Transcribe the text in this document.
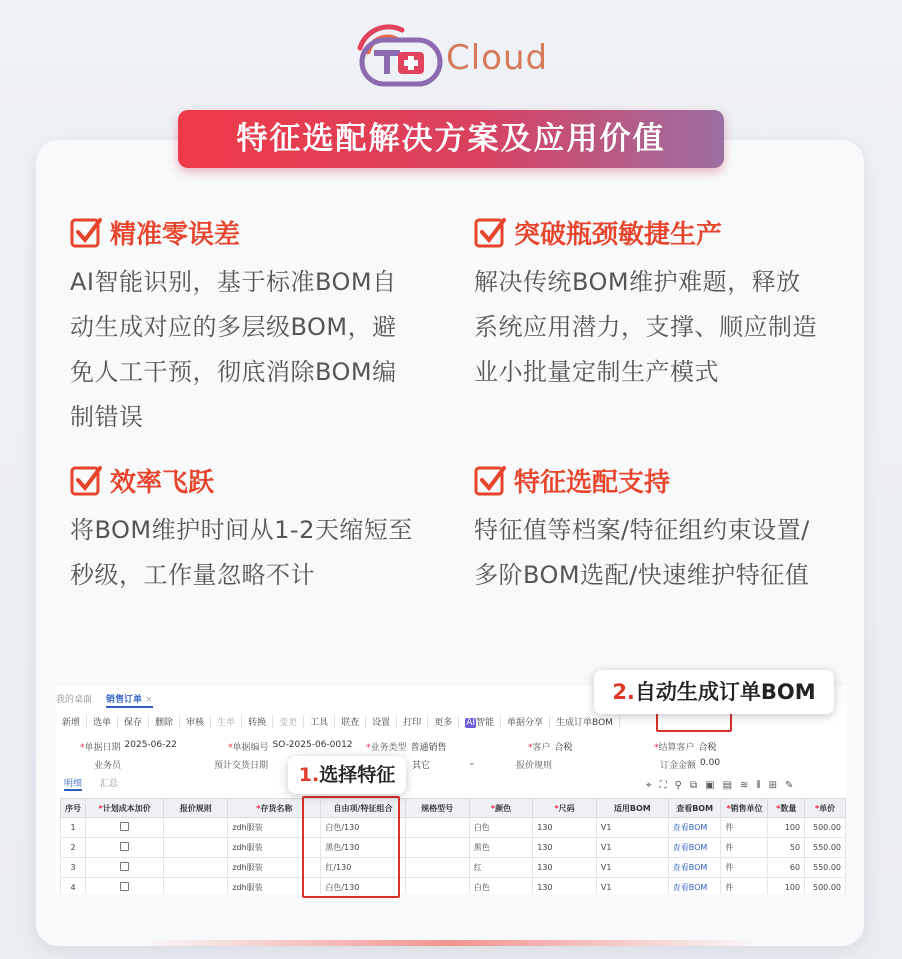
Cloud
特征选配解决方案及应用价值
精准零误差
AI智能识别，基于标准BOM自动生成对应的多层级BOM，避免人工干预，彻底消除BOM编制错误
突破瓶颈敏捷生产
解决传统BOM维护难题，释放系统应用潜力，支撑、顺应制造业小批量定制生产模式
效率飞跃
将BOM维护时间从1-2天缩短至秒级，工作量忽略不计
特征选配支持
特征值等档案/特征组约束设置/多阶BOM选配/快速维护特征值
我的桌面 销售订单 ×
新增	选单	保存	删除	审核	生单	转换	变更	工具	联查	设置	打印	更多	AI智能	单据分享	生成订单BOM
*单据日期 2025-06-22	*单据编号 SO-2025-06-0012 *业务类型 普通销售	*客户 合税	*结算客户 合税
业务员	预计交货日期	其它	⌄	报价规则	订金金额 0.00
明细 汇总	⌖ ⛶ ⚲ ⧉ ▣ ▤ ≋ ⫴ ⊞ ✎
序号	*计划成本加价	报价规则	*存货名称	自由项/特征组合	规格型号	*颜色	*尺码	适用BOM	查看BOM	*销售单位	*数量	*单价
1			zdh服装	白色/130		白色	130	V1	查看BOM	件	100	500.00
2			zdh服装	黑色/130		黑色	130	V1	查看BOM	件	50	550.00
3			zdh服装	红/130		红	130	V1	查看BOM	件	60	550.00
4			zdh服装	白色/130		白色	130	V1	查看BOM	件	100	500.00
1.选择特征
2.自动生成订单BOM
